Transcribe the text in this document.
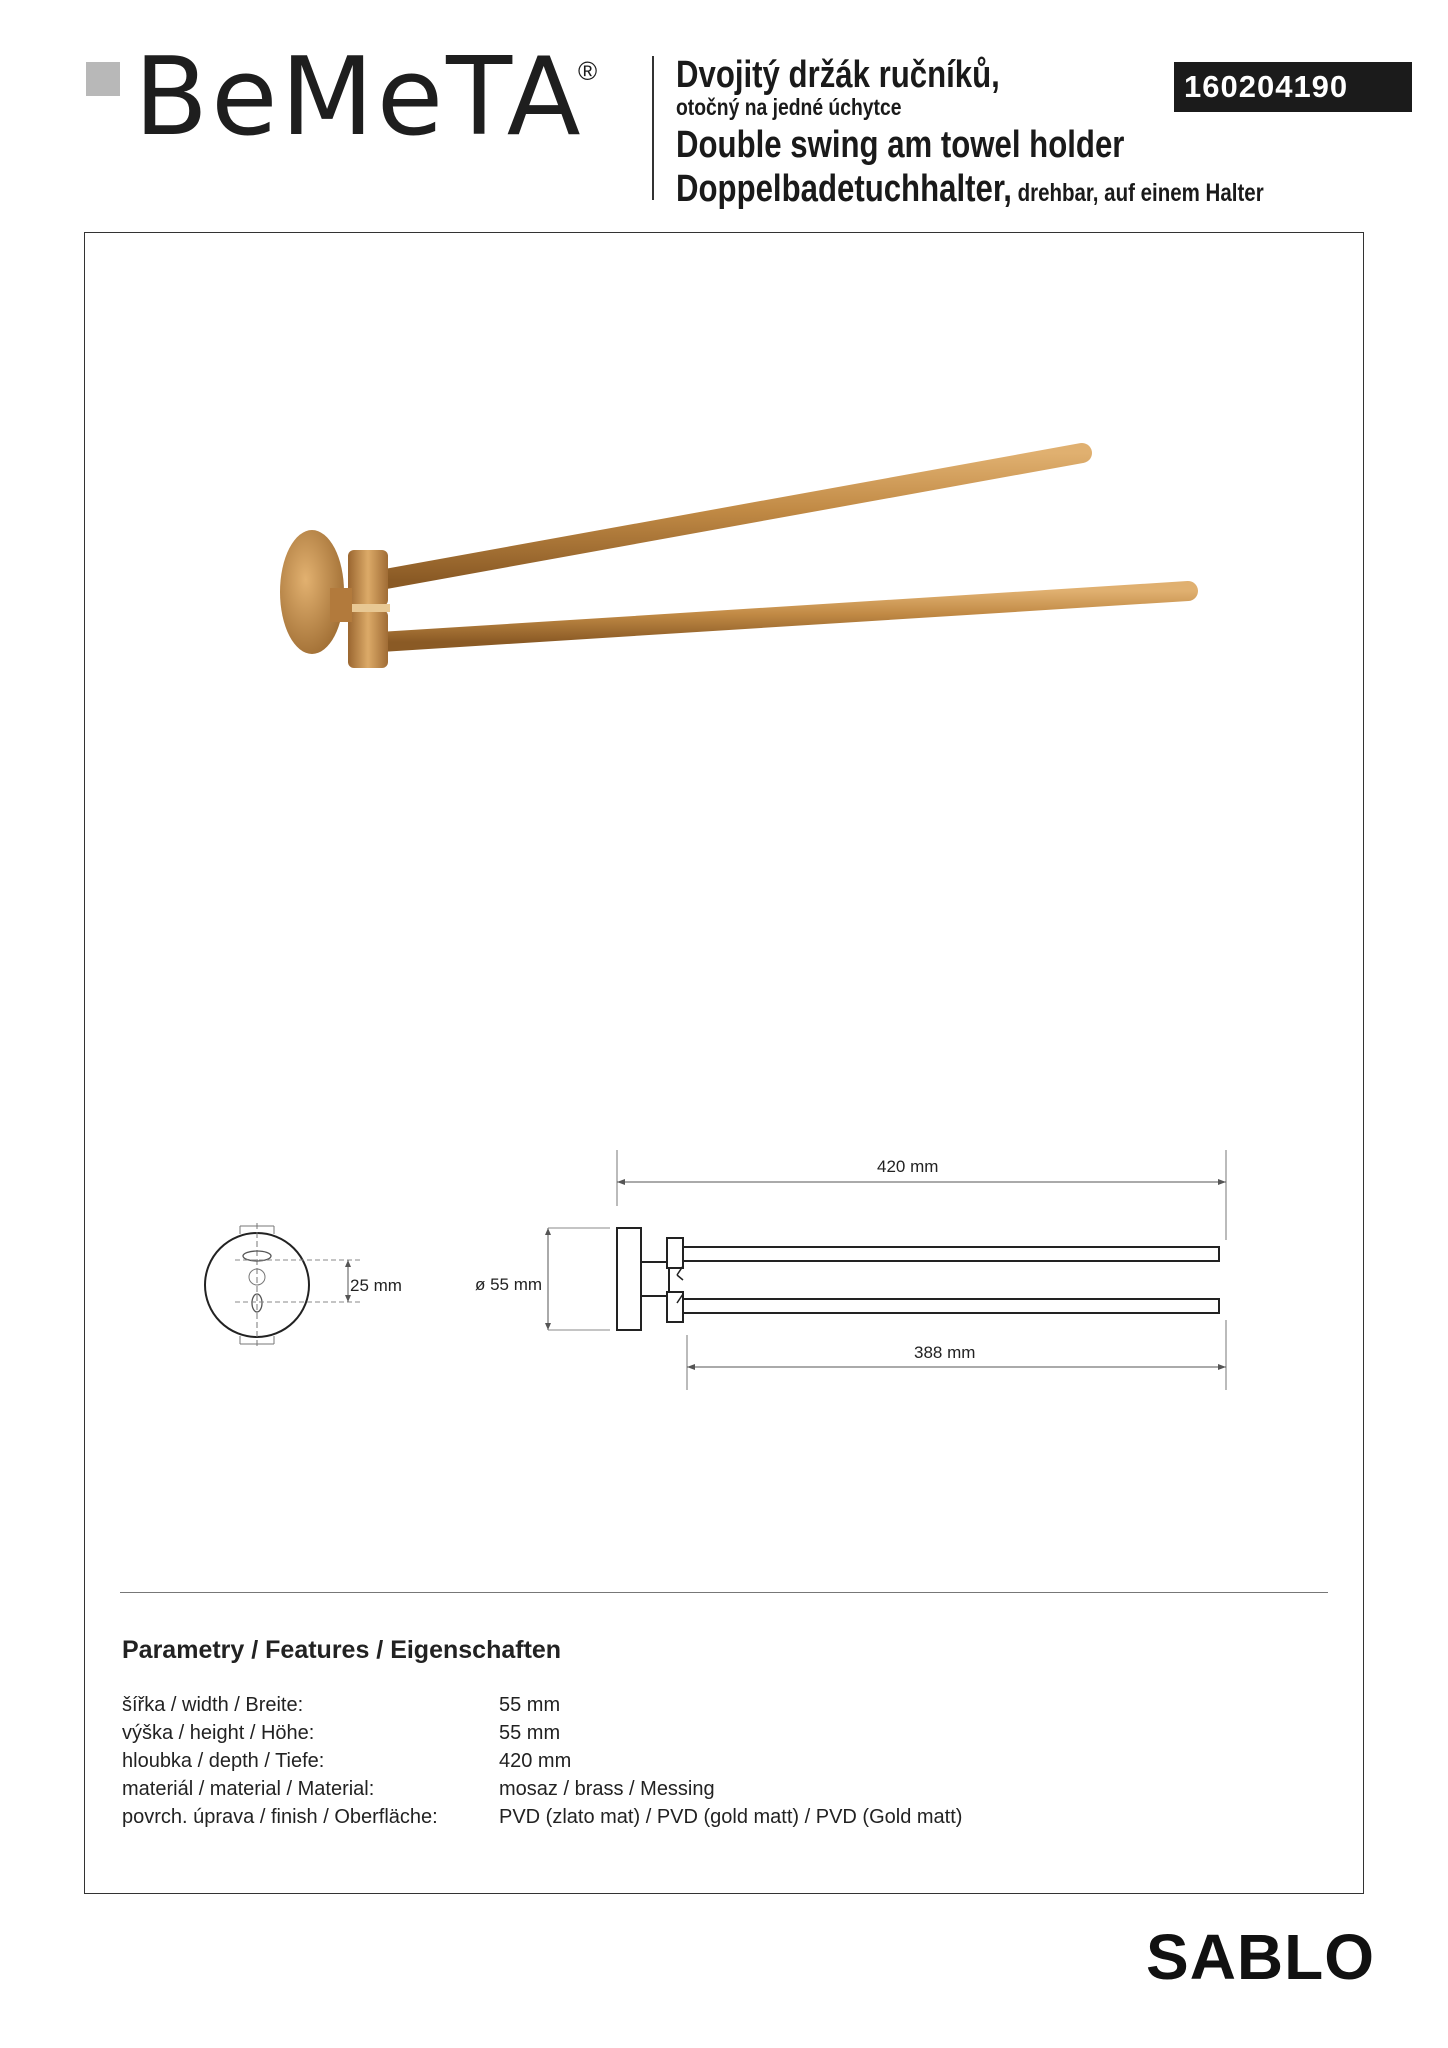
BeMeTA
® Dvojitý držák ručníků,
otočný na jedné úchytce
Double swing am towel holder
Doppelbadetuchhalter, drehbar, auf einem Halter
160204190
25 mm	ø 55 mm
420 mm
388 mm
Parametry / Features / Eigenschaften
šířka / width / Breite:	55 mm
výška / height / Höhe:	55 mm
hloubka / depth / Tiefe:	420 mm
materiál / material / Material:	mosaz / brass / Messing
povrch. úprava / finish / Oberfläche:	PVD (zlato mat) / PVD (gold matt) / PVD (Gold matt)
SABLO
